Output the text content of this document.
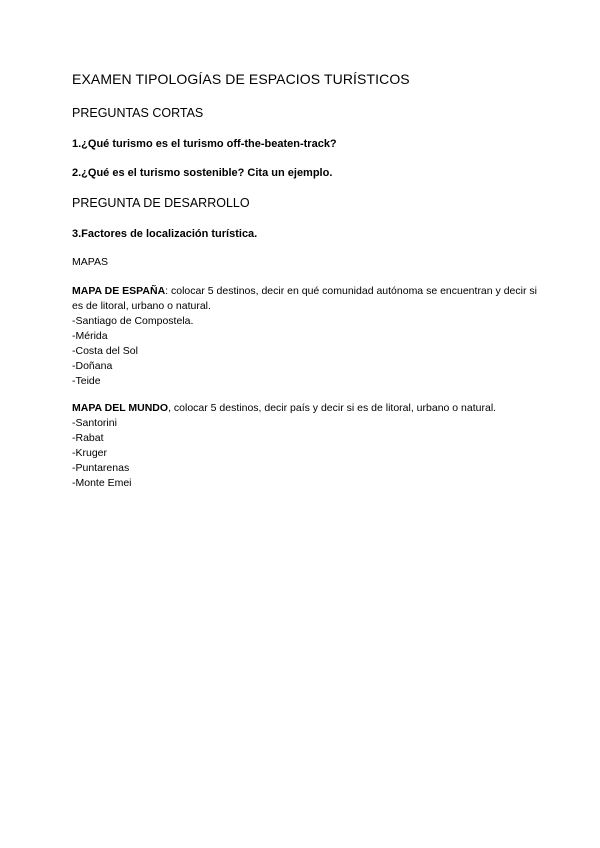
EXAMEN TIPOLOGÍAS DE ESPACIOS TURÍSTICOS
PREGUNTAS CORTAS
1.¿Qué turismo es el turismo off-the-beaten-track?
2.¿Qué es el turismo sostenible? Cita un ejemplo.
PREGUNTA DE DESARROLLO
3.Factores de localización turística.
MAPAS

MAPA DE ESPAÑA: colocar 5 destinos, decir en qué comunidad autónoma se encuentran y decir si es de litoral, urbano o natural.

-Santiago de Compostela.
-Mérida
-Costa del Sol
-Doñana
-Teide

MAPA DEL MUNDO, colocar 5 destinos, decir país y decir si es de litoral, urbano o natural.

-Santorini
-Rabat
-Kruger
-Puntarenas
-Monte Emei
